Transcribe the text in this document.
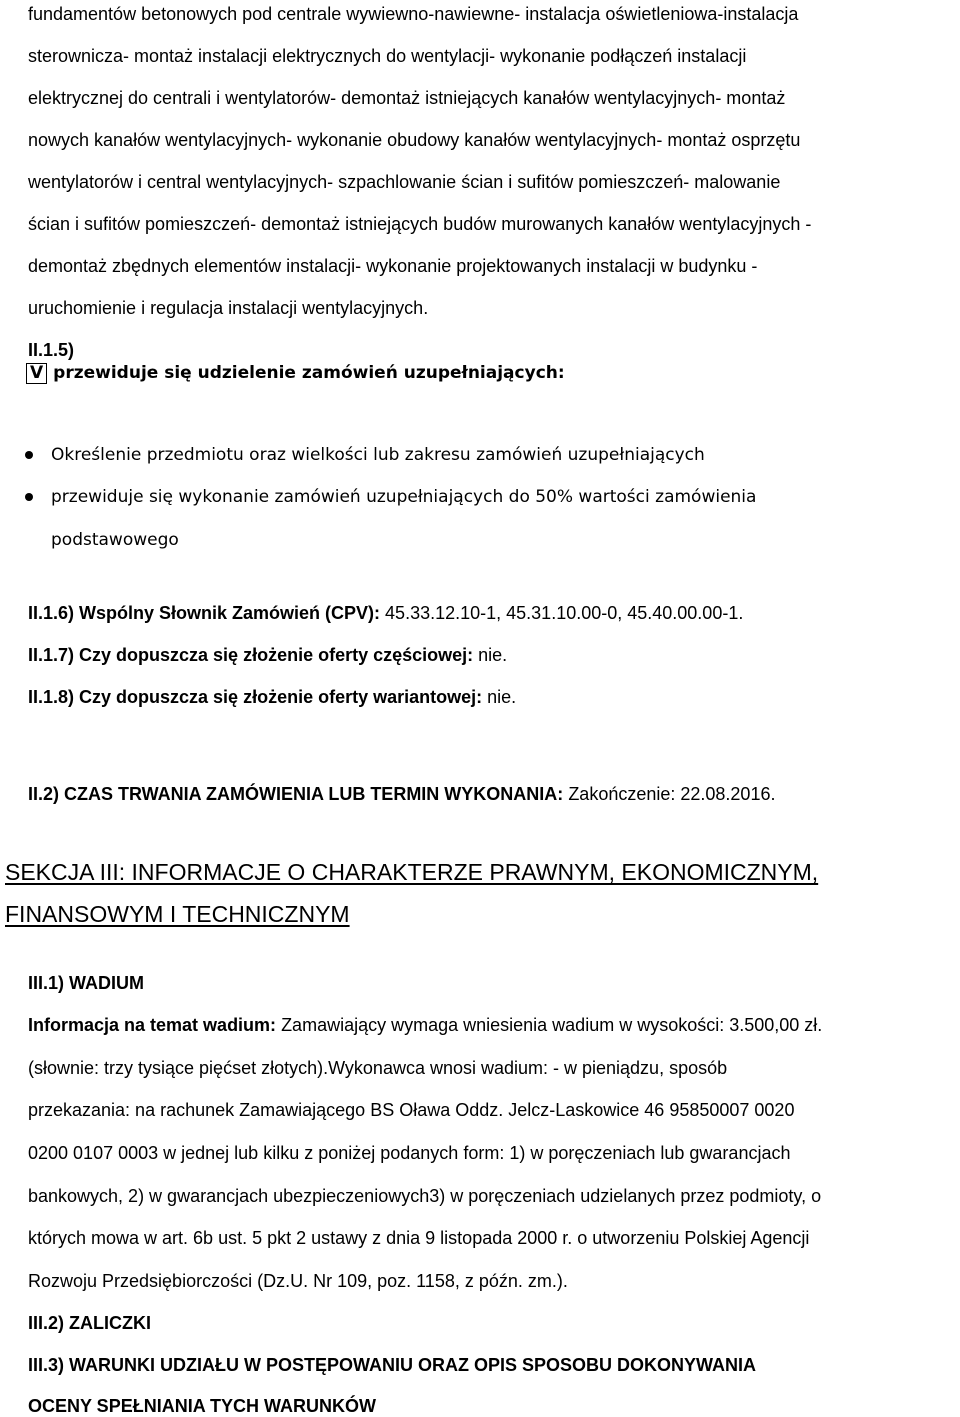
fundamentów betonowych pod centrale wywiewno-nawiewne- instalacja oświetleniowa-instalacja
sterownicza- montaż instalacji elektrycznych do wentylacji- wykonanie podłączeń instalacji
elektrycznej do centrali i wentylatorów- demontaż istniejących kanałów wentylacyjnych- montaż
nowych kanałów wentylacyjnych- wykonanie obudowy kanałów wentylacyjnych- montaż osprzętu
wentylatorów i central wentylacyjnych- szpachlowanie ścian i sufitów pomieszczeń- malowanie
ścian i sufitów pomieszczeń- demontaż istniejących budów murowanych kanałów wentylacyjnych -
demontaż zbędnych elementów instalacji- wykonanie projektowanych instalacji w budynku -
uruchomienie i regulacja instalacji wentylacyjnych.
II.1.5)
V przewiduje się udzielenie zamówień uzupełniających:
Określenie przedmiotu oraz wielkości lub zakresu zamówień uzupełniających
przewiduje się wykonanie zamówień uzupełniających do 50% wartości zamówienia
podstawowego
II.1.6) Wspólny Słownik Zamówień (CPV): 45.33.12.10-1, 45.31.10.00-0, 45.40.00.00-1.
II.1.7) Czy dopuszcza się złożenie oferty częściowej: nie.
II.1.8) Czy dopuszcza się złożenie oferty wariantowej: nie.
II.2) CZAS TRWANIA ZAMÓWIENIA LUB TERMIN WYKONANIA: Zakończenie: 22.08.2016.
SEKCJA III: INFORMACJE O CHARAKTERZE PRAWNYM, EKONOMICZNYM,
FINANSOWYM I TECHNICZNYM
III.1) WADIUM
Informacja na temat wadium: Zamawiający wymaga wniesienia wadium w wysokości: 3.500,00 zł.
(słownie: trzy tysiące pięćset złotych).Wykonawca wnosi wadium: - w pieniądzu, sposób
przekazania: na rachunek Zamawiającego BS Oława Oddz. Jelcz-Laskowice 46 95850007 0020
0200 0107 0003 w jednej lub kilku z poniżej podanych form: 1) w poręczeniach lub gwarancjach
bankowych, 2) w gwarancjach ubezpieczeniowych3) w poręczeniach udzielanych przez podmioty, o
których mowa w art. 6b ust. 5 pkt 2 ustawy z dnia 9 listopada 2000 r. o utworzeniu Polskiej Agencji
Rozwoju Przedsiębiorczości (Dz.U. Nr 109, poz. 1158, z późn. zm.).
III.2) ZALICZKI
III.3) WARUNKI UDZIAŁU W POSTĘPOWANIU ORAZ OPIS SPOSOBU DOKONYWANIA
OCENY SPEŁNIANIA TYCH WARUNKÓW
